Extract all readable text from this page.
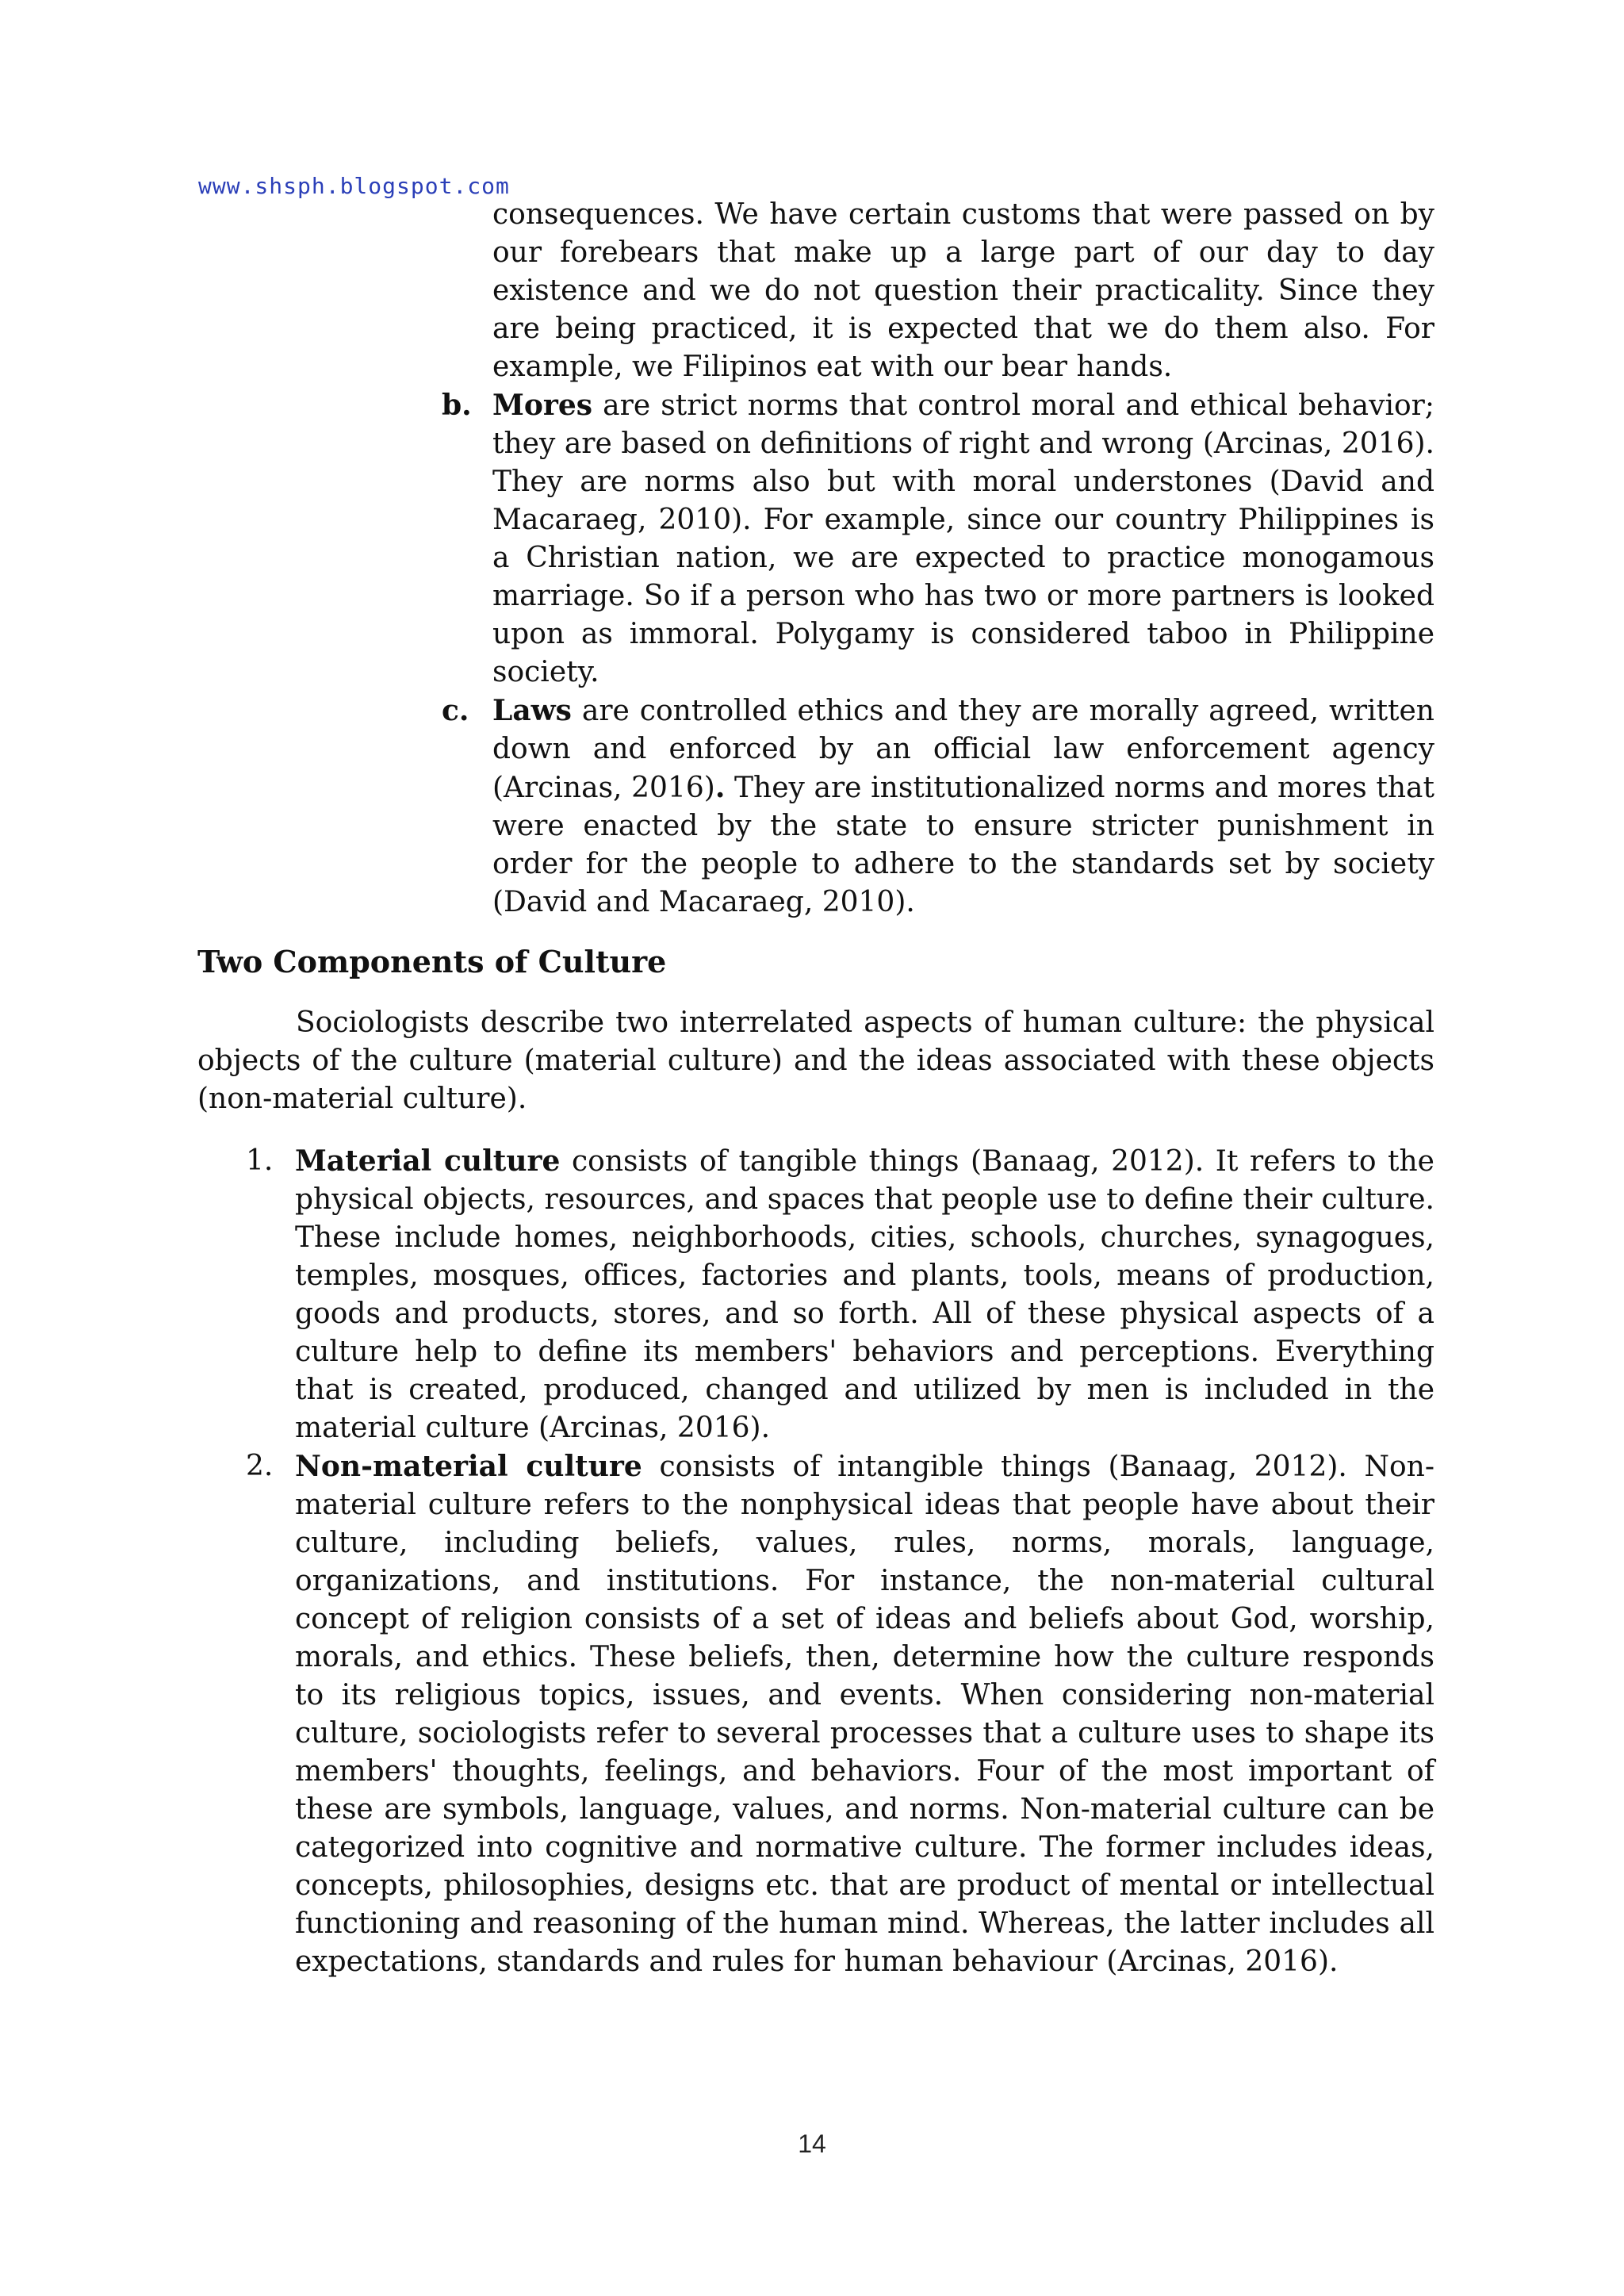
www.shsph.blogspot.com
consequences. We have certain customs that were passed on by our forebears that make up a large part of our day to day existence and we do not question their practicality. Since they are being practiced, it is expected that we do them also. For example, we Filipinos eat with our bear hands.
b. Mores are strict norms that control moral and ethical behavior; they are based on definitions of right and wrong (Arcinas, 2016). They are norms also but with moral understones (David and Macaraeg, 2010). For example, since our country Philippines is a Christian nation, we are expected to practice monogamous marriage. So if a person who has two or more partners is looked upon as immoral. Polygamy is considered taboo in Philippine society.
c. Laws are controlled ethics and they are morally agreed, written down and enforced by an official law enforcement agency (Arcinas, 2016). They are institutionalized norms and mores that were enacted by the state to ensure stricter punishment in order for the people to adhere to the standards set by society (David and Macaraeg, 2010).
Two Components of Culture
Sociologists describe two interrelated aspects of human culture: the physical objects of the culture (material culture) and the ideas associated with these objects (non-material culture).
1. Material culture consists of tangible things (Banaag, 2012). It refers to the physical objects, resources, and spaces that people use to define their culture. These include homes, neighborhoods, cities, schools, churches, synagogues, temples, mosques, offices, factories and plants, tools, means of production, goods and products, stores, and so forth. All of these physical aspects of a culture help to define its members' behaviors and perceptions. Everything that is created, produced, changed and utilized by men is included in the material culture (Arcinas, 2016).
2. Non-material culture consists of intangible things (Banaag, 2012). Non-material culture refers to the nonphysical ideas that people have about their culture, including beliefs, values, rules, norms, morals, language, organizations, and institutions. For instance, the non-material cultural concept of religion consists of a set of ideas and beliefs about God, worship, morals, and ethics. These beliefs, then, determine how the culture responds to its religious topics, issues, and events. When considering non-material culture, sociologists refer to several processes that a culture uses to shape its members' thoughts, feelings, and behaviors. Four of the most important of these are symbols, language, values, and norms. Non-material culture can be categorized into cognitive and normative culture. The former includes ideas, concepts, philosophies, designs etc. that are product of mental or intellectual functioning and reasoning of the human mind. Whereas, the latter includes all expectations, standards and rules for human behaviour (Arcinas, 2016).
14
